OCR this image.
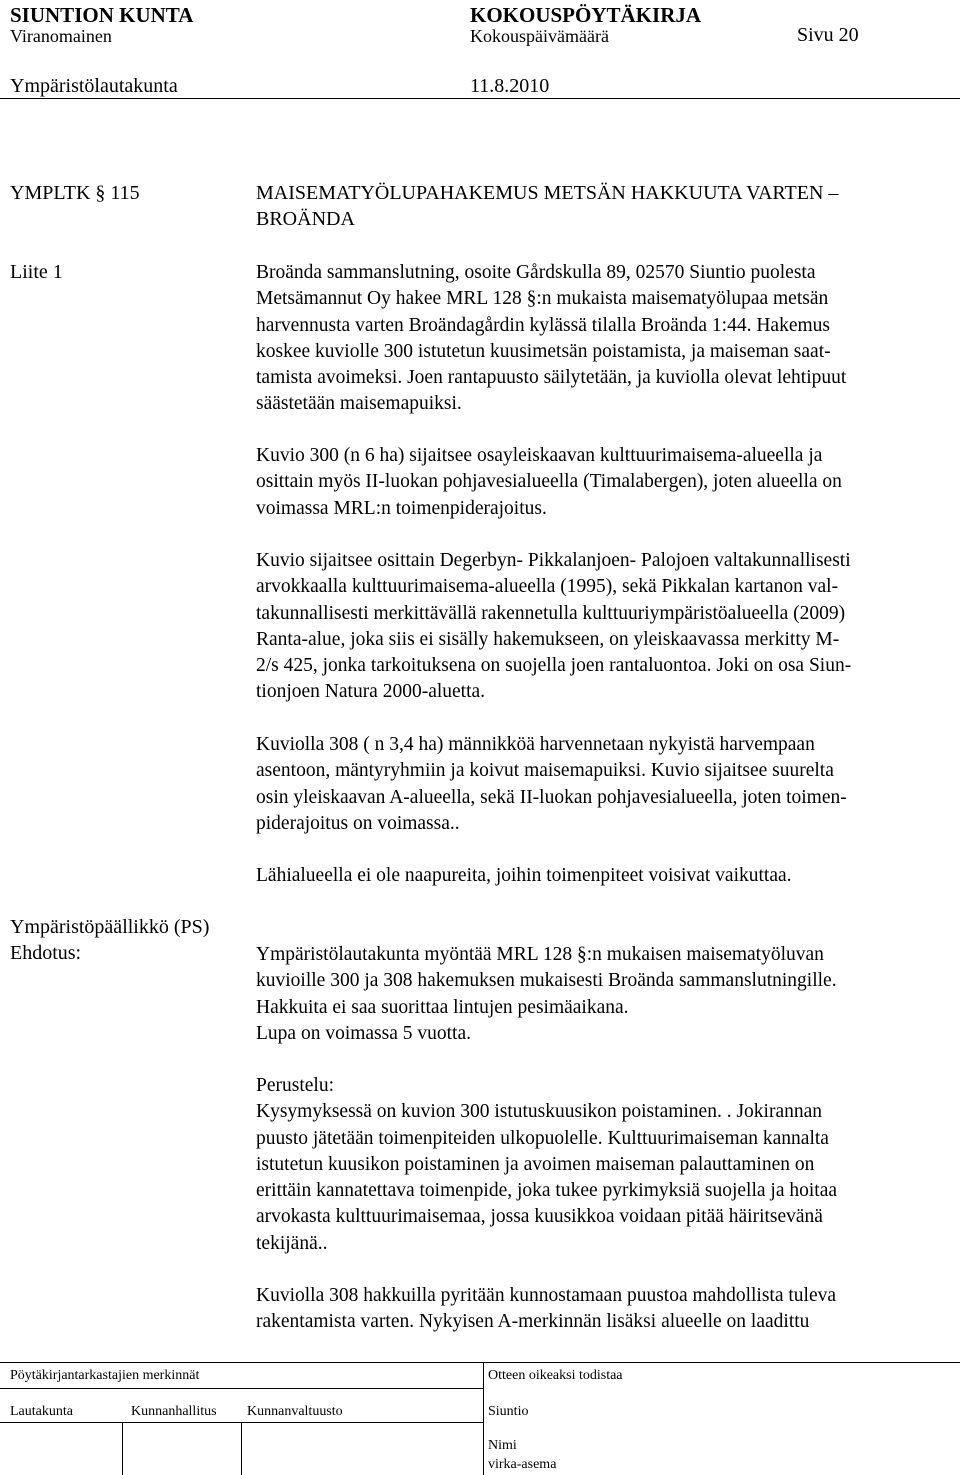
SIUNTION KUNTA	KOKOUSPÖYTÄKIRJA
Viranomainen	Kokouspäivämäärä	Sivu 20
Ympäristölautakunta	11.8.2010
YMPLTK § 115	MAISEMATYÖLUPAHAKEMUS METSÄN HAKKUUTA VARTEN –
BROÄNDA
Liite 1	Broända sammanslutning, osoite Gårdskulla 89, 02570 Siuntio puolesta
Metsämannut Oy hakee MRL 128 §:n mukaista maisematyölupaa metsän
harvennusta varten Broändagårdin kylässä tilalla Broända 1:44. Hakemus
koskee kuviolle 300 istutetun kuusimetsän poistamista, ja maiseman saat-
tamista avoimeksi. Joen rantapuusto säilytetään, ja kuviolla olevat lehtipuut
säästetään maisemapuiksi.
Kuvio 300 (n 6 ha) sijaitsee osayleiskaavan kulttuurimaisema-alueella ja
osittain myös II-luokan pohjavesialueella (Timalabergen), joten alueella on
voimassa MRL:n toimenpiderajoitus.
Kuvio sijaitsee osittain Degerbyn- Pikkalanjoen- Palojoen valtakunnallisesti
arvokkaalla kulttuurimaisema-alueella (1995), sekä Pikkalan kartanon val-
takunnallisesti merkittävällä rakennetulla kulttuuriympäristöalueella (2009)
Ranta-alue, joka siis ei sisälly hakemukseen, on yleiskaavassa merkitty M-
2/s 425, jonka tarkoituksena on suojella joen rantaluontoa. Joki on osa Siun-
tionjoen Natura 2000-aluetta.
Kuviolla 308 ( n 3,4 ha) männikköä harvennetaan nykyistä harvempaan
asentoon, mäntyryhmiin ja koivut maisemapuiksi. Kuvio sijaitsee suurelta
osin yleiskaavan A-alueella, sekä II-luokan pohjavesialueella, joten toimen-
piderajoitus on voimassa..
Lähialueella ei ole naapureita, joihin toimenpiteet voisivat vaikuttaa.
Ympäristöpäällikkö (PS)
Ehdotus:	Ympäristölautakunta myöntää MRL 128 §:n mukaisen maisematyöluvan
kuvioille 300 ja 308 hakemuksen mukaisesti Broända sammanslutningille.
Hakkuita ei saa suorittaa lintujen pesimäaikana.
Lupa on voimassa 5 vuotta.
Perustelu:
Kysymyksessä on kuvion 300 istutuskuusikon poistaminen. . Jokirannan
puusto jätetään toimenpiteiden ulkopuolelle. Kulttuurimaiseman kannalta
istutetun kuusikon poistaminen ja avoimen maiseman palauttaminen on
erittäin kannatettava toimenpide, joka tukee pyrkimyksiä suojella ja hoitaa
arvokasta kulttuurimaisemaa, jossa kuusikkoa voidaan pitää häiritsevänä
tekijänä..
Kuviolla 308 hakkuilla pyritään kunnostamaan puustoa mahdollista tuleva
rakentamista varten. Nykyisen A-merkinnän lisäksi alueelle on laadittu
Pöytäkirjantarkastajien merkinnät	Otteen oikeaksi todistaa
Lautakunta	Kunnanhallitus Kunnanvaltuusto	Siuntio
Nimi
virka-asema
